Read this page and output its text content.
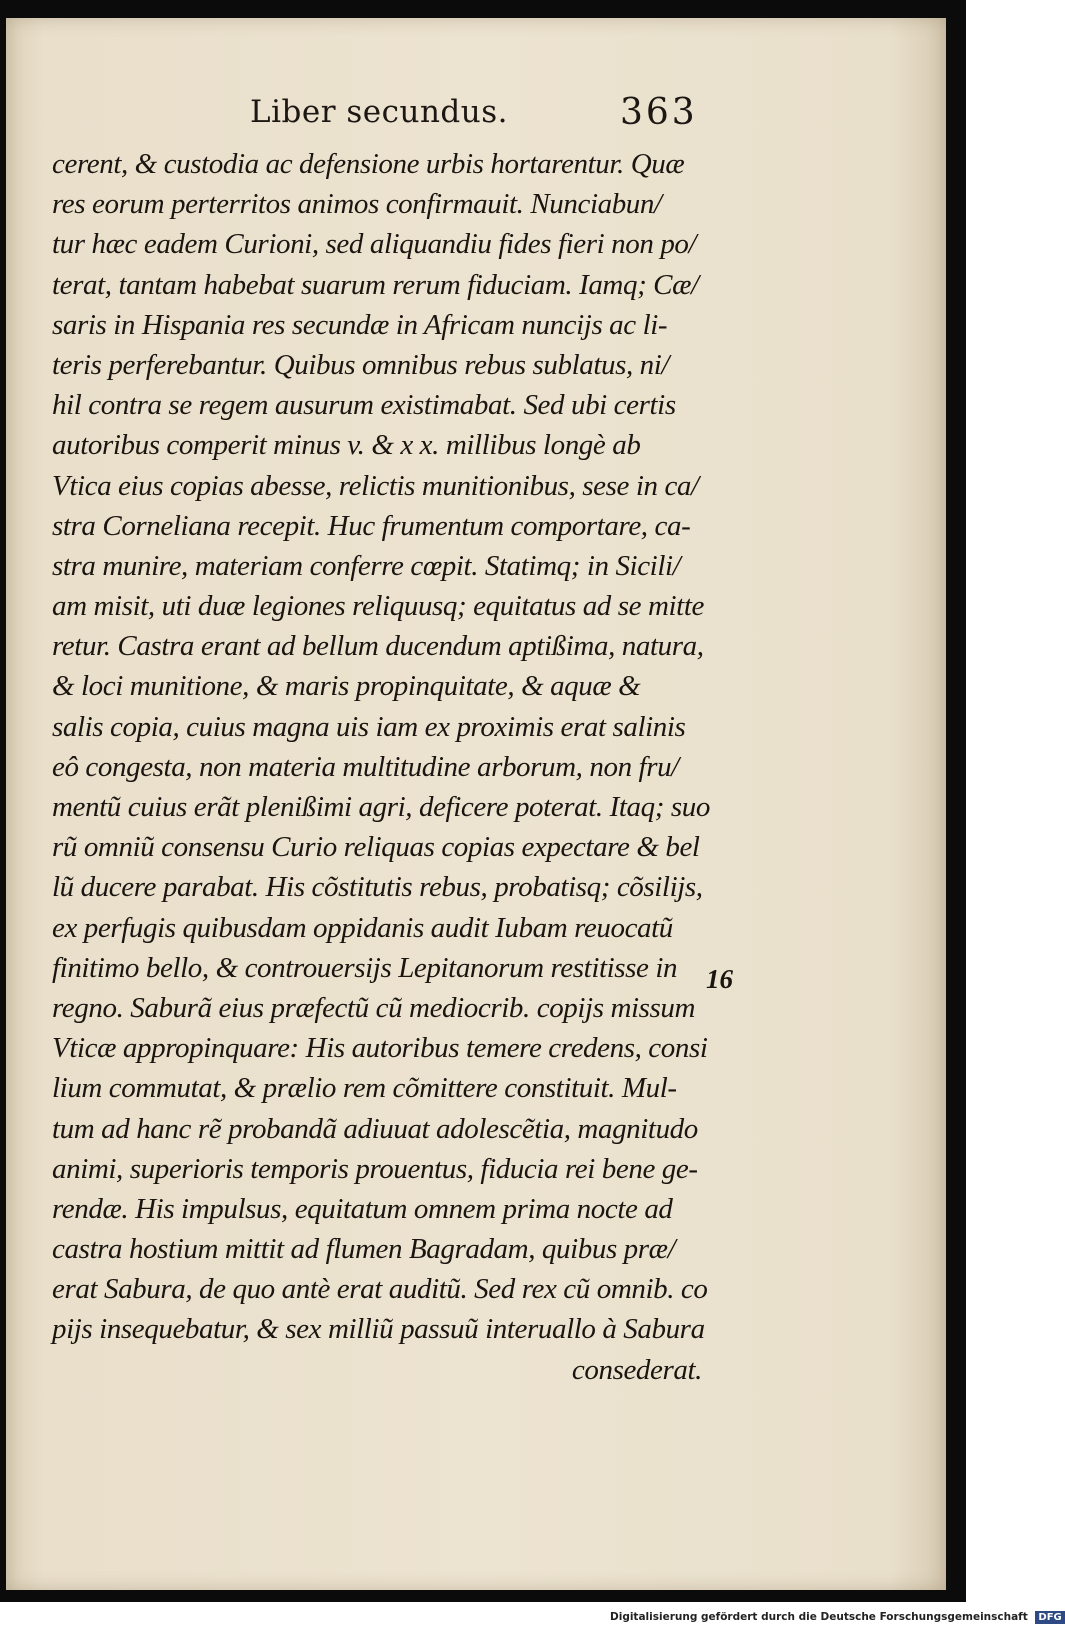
Liber secundus.	363
cerent, & custodia ac defensione urbis hortarentur. Quæ
res eorum perterritos animos confirmauit. Nunciabun/
tur hæc eadem Curioni, sed aliquandiu fides fieri non po/
terat, tantam habebat suarum rerum fiduciam. Iamq; Cæ/
saris in Hispania res secundæ in Africam nuncijs ac li-
teris perferebantur. Quibus omnibus rebus sublatus, ni/
hil contra se regem ausurum existimabat. Sed ubi certis
autoribus comperit minus v. & x x. millibus longè ab
Vtica eius copias abesse, relictis munitionibus, sese in ca/
stra Corneliana recepit. Huc frumentum comportare, ca-
stra munire, materiam conferre cœpit. Statimq; in Sicili/
am misit, uti duæ legiones reliquusq; equitatus ad se mitte
retur. Castra erant ad bellum ducendum aptißima, natura,
& loci munitione, & maris propinquitate, & aquæ &
salis copia, cuius magna uis iam ex proximis erat salinis
eô congesta, non materia multitudine arborum, non fru/
mentũ cuius erãt plenißimi agri, deficere poterat. Itaq; suo
rũ omniũ consensu Curio reliquas copias expectare & bel
lũ ducere parabat. His cõstitutis rebus, probatisq; cõsilijs,
ex perfugis quibusdam oppidanis audit Iubam reuocatũ
finitimo bello, & controuersijs Lepitanorum restitisse in
regno. Saburã eius præfectũ cũ mediocrib. copijs missum
Vticæ appropinquare: His autoribus temere credens, consi
lium commutat, & prælio rem cõmittere constituit. Mul-
tum ad hanc rẽ probandã adiuuat adolescẽtia, magnitudo
animi, superioris temporis prouentus, fiducia rei bene ge-
rendæ. His impulsus, equitatum omnem prima nocte ad
castra hostium mittit ad flumen Bagradam, quibus præ/
erat Sabura, de quo antè erat auditũ. Sed rex cũ omnib. co
pijs insequebatur, & sex milliũ passuũ interuallo à Sabura
consederat.
16
Digitalisierung gefördert durch die Deutsche Forschungsgemeinschaft DFG
